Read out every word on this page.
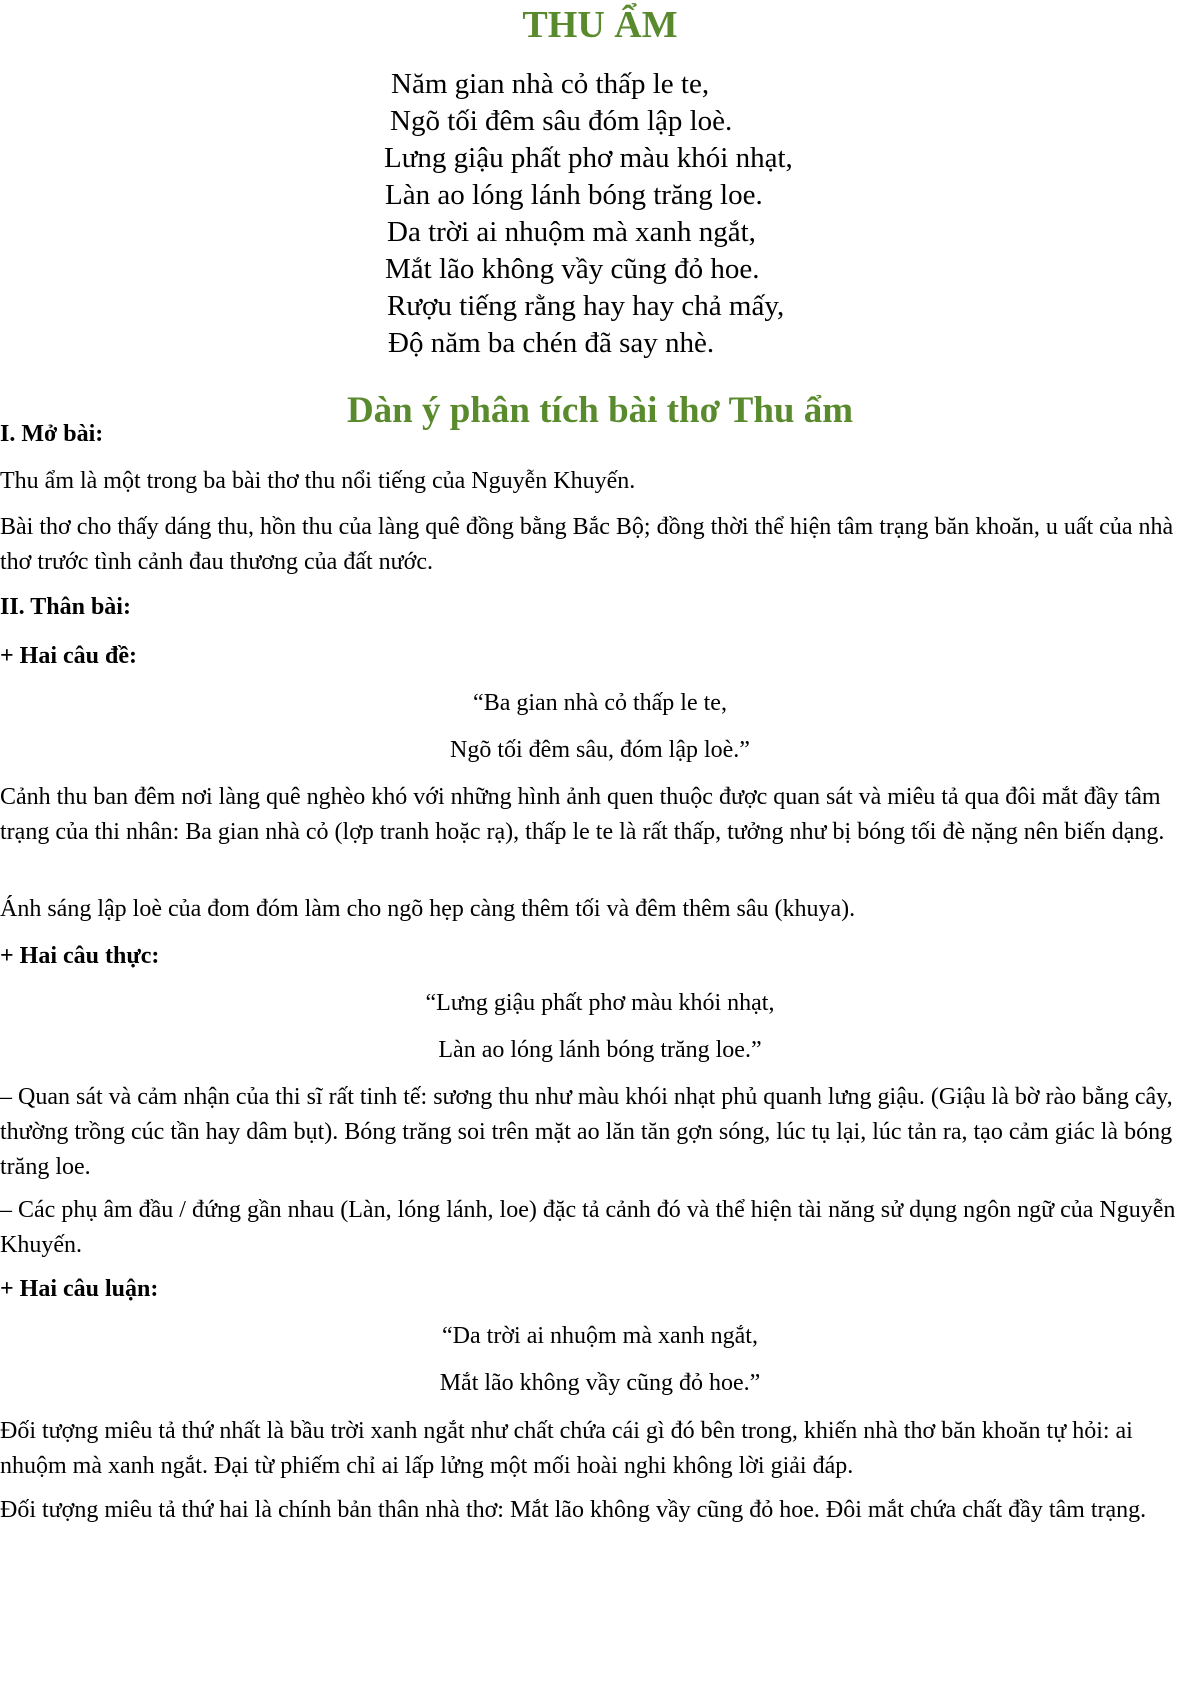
THU ẨM
Năm gian nhà cỏ thấp le te,
Ngõ tối đêm sâu đóm lập loè.
Lưng giậu phất phơ màu khói nhạt,
Làn ao lóng lánh bóng trăng loe.
Da trời ai nhuộm mà xanh ngắt,
Mắt lão không vầy cũng đỏ hoe.
Rượu tiếng rằng hay hay chả mấy,
Độ năm ba chén đã say nhè.
Dàn ý phân tích bài thơ Thu ẩm
I. Mở bài:

Thu ẩm là một trong ba bài thơ thu nổi tiếng của Nguyễn Khuyến.

Bài thơ cho thấy dáng thu, hồn thu của làng quê đồng bằng Bắc Bộ; đồng thời thể hiện tâm trạng băn khoăn, u uất của nhà thơ trước tình cảnh đau thương của đất nước.

II. Thân bài:
+ Hai câu đề:

“Ba gian nhà cỏ thấp le te,

Ngõ tối đêm sâu, đóm lập loè.”

Cảnh thu ban đêm nơi làng quê nghèo khó với những hình ảnh quen thuộc được quan sát và miêu tả qua đôi mắt đầy tâm trạng của thi nhân: Ba gian nhà cỏ (lợp tranh hoặc rạ), thấp le te là rất thấp, tưởng như bị bóng tối đè nặng nên biến dạng.

Ánh sáng lập loè của đom đóm làm cho ngõ hẹp càng thêm tối và đêm thêm sâu (khuya).

+ Hai câu thực:

“Lưng giậu phất phơ màu khói nhạt,

Làn ao lóng lánh bóng trăng loe.”

– Quan sát và cảm nhận của thi sĩ rất tinh tế: sương thu như màu khói nhạt phủ quanh lưng giậu. (Giậu là bờ rào bằng cây, thường trồng cúc tần hay dâm bụt). Bóng trăng soi trên mặt ao lăn tăn gợn sóng, lúc tụ lại, lúc tản ra, tạo cảm giác là bóng trăng loe.

– Các phụ âm đầu / đứng gần nhau (Làn, lóng lánh, loe) đặc tả cảnh đó và thể hiện tài năng sử dụng ngôn ngữ của Nguyễn Khuyến.

+ Hai câu luận:

“Da trời ai nhuộm mà xanh ngắt,

Mắt lão không vầy cũng đỏ hoe.”

Đối tượng miêu tả thứ nhất là bầu trời xanh ngắt như chất chứa cái gì đó bên trong, khiến nhà thơ băn khoăn tự hỏi: ai nhuộm mà xanh ngắt. Đại từ phiếm chỉ ai lấp lửng một mối hoài nghi không lời giải đáp.

Đối tượng miêu tả thứ hai là chính bản thân nhà thơ: Mắt lão không vầy cũng đỏ hoe. Đôi mắt chứa chất đầy tâm trạng.
